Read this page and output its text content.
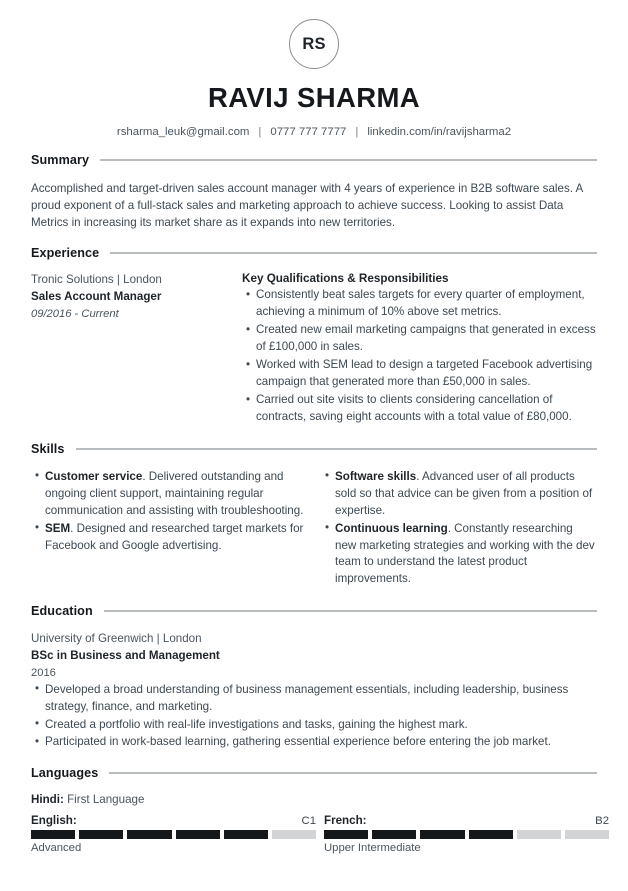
RS
RAVIJ SHARMA
rsharma_leuk@gmail.com | 0777 777 7777 | linkedin.com/in/ravijsharma2
Summary

Accomplished and target-driven sales account manager with 4 years of experience in B2B software sales. A proud exponent of a full-stack sales and marketing approach to achieve success. Looking to assist Data Metrics in increasing its market share as it expands into new territories.

Experience
Tronic Solutions | London
Sales Account Manager
09/2016 - Current
Key Qualifications & Responsibilities
• Consistently beat sales targets for every quarter of employment, achieving a minimum of 10% above set metrics.
• Created new email marketing campaigns that generated in excess of £100,000 in sales.
• Worked with SEM lead to design a targeted Facebook advertising campaign that generated more than £50,000 in sales.
• Carried out site visits to clients considering cancellation of contracts, saving eight accounts with a total value of £80,000.
Skills
• Customer service. Delivered outstanding and ongoing client support, maintaining regular communication and assisting with troubleshooting.
• SEM. Designed and researched target markets for Facebook and Google advertising.
• Software skills. Advanced user of all products sold so that advice can be given from a position of expertise.
• Continuous learning. Constantly researching new marketing strategies and working with the dev team to understand the latest product improvements.
Education
University of Greenwich | London
BSc in Business and Management
2016
• Developed a broad understanding of business management essentials, including leadership, business strategy, finance, and marketing.
• Created a portfolio with real-life investigations and tasks, gaining the highest mark.
• Participated in work-based learning, gathering essential experience before entering the job market.
Languages
Hindi: First Language
English:	C1
Advanced
French:	B2
Upper Intermediate
